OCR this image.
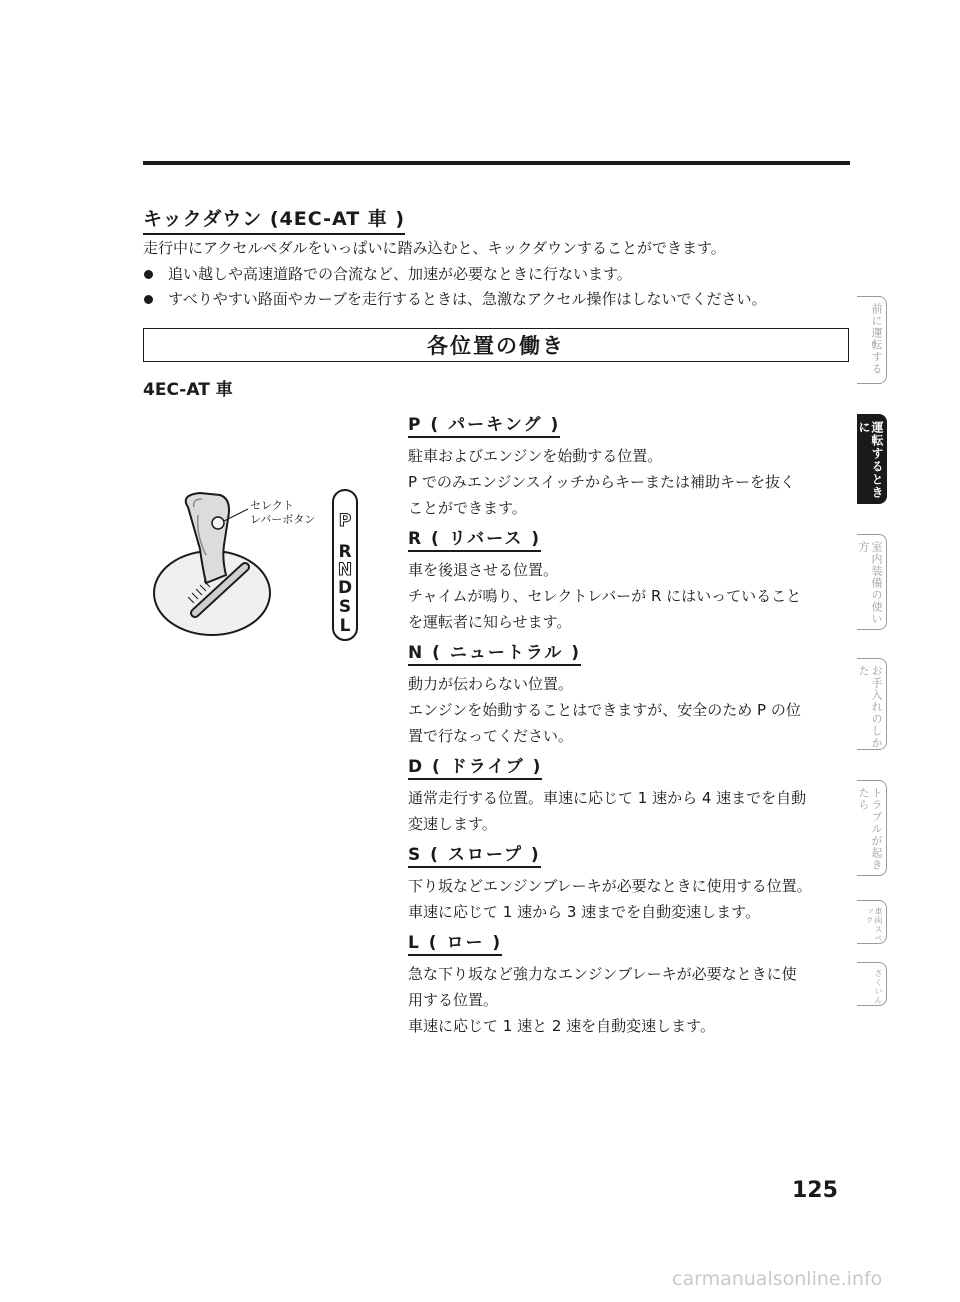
キックダウン (4EC-AT 車 )
走行中にアクセルペダルをいっぱいに踏み込むと、キックダウンすることができます。
追い越しや高速道路での合流など、加速が必要なときに行ないます。
すべりやすい路面やカーブを走行するときは、急激なアクセル操作はしないでください。
各位置の働き
4EC-AT 車
セレクト
レバーボタン P
R
N
D
S
L
P ( パーキング )
駐車およびエンジンを始動する位置。
P でのみエンジンスイッチからキーまたは補助キーを抜く
ことができます。
R ( リバース )
車を後退させる位置。
チャイムが鳴り、セレクトレバーが R にはいっていること
を運転者に知らせます。
N ( ニュートラル )
動力が伝わらない位置。
エンジンを始動することはできますが、安全のため P の位
置で行なってください。
D ( ドライブ )
通常走行する位置。車速に応じて 1 速から 4 速までを自動
変速します。
S ( スロープ )
下り坂などエンジンブレーキが必要なときに使用する位置。
車速に応じて 1 速から 3 速までを自動変速します。
L ( ロー )
急な下り坂など強力なエンジンブレーキが必要なときに使
用する位置。
車速に応じて 1 速と 2 速を自動変速します。
前に運転する
運転するときに
室内装備の使い方
お手入れのしかた
トラブルが起きたら
車両スペック
さくいん
125
carmanualsonline.info
